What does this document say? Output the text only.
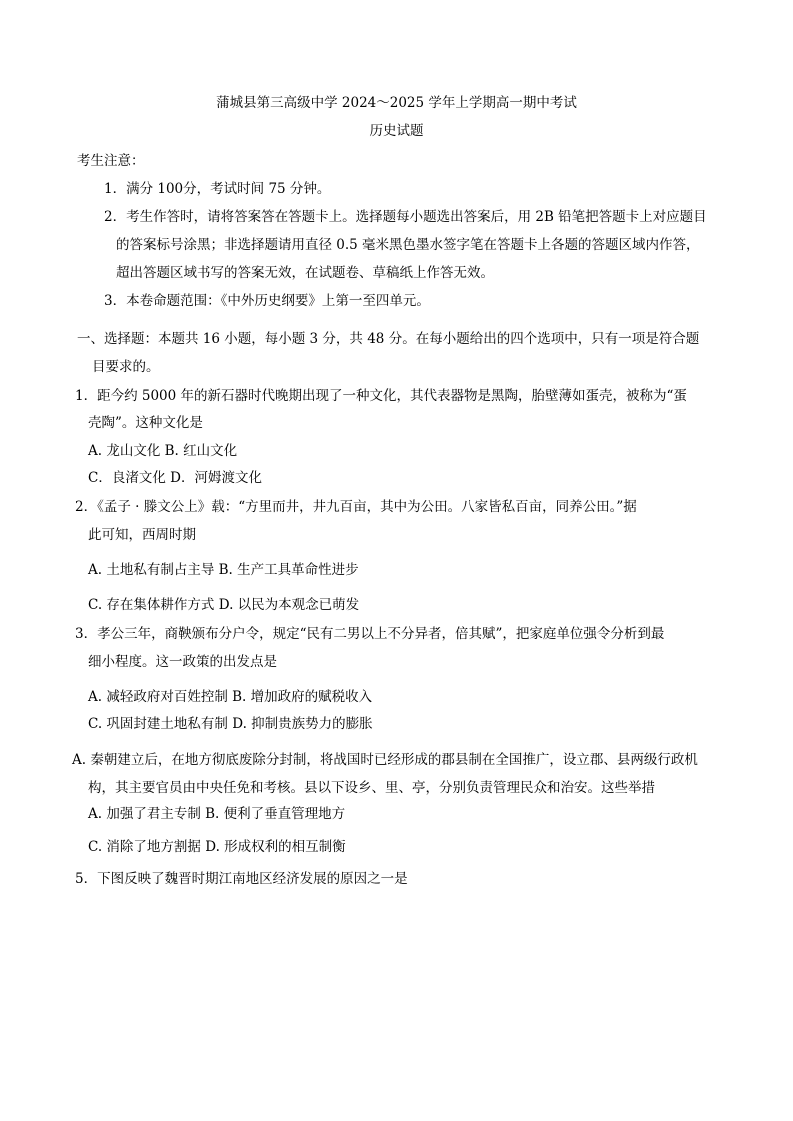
蒲城县第三高级中学 2024～2025 学年上学期高一期中考试
历史试题
考生注意：
1．满分 100分，考试时间 75 分钟。
2．考生作答时，请将答案答在答题卡上。选择题每小题选出答案后，用 2B 铅笔把答题卡上对应题目
的答案标号涂黑；非选择题请用直径 0.5 毫米黑色墨水签字笔在答题卡上各题的答题区域内作答，
超出答题区域书写的答案无效，在试题卷、草稿纸上作答无效。
3．本卷命题范围：《中外历史纲要》上第一至四单元。
一、选择题：本题共 16 小题，每小题 3 分，共 48 分。在每小题给出的四个选项中，只有一项是符合题
目要求的。
1．距今约 5000 年的新石器时代晚期出现了一种文化，其代表器物是黑陶，胎壁薄如蛋壳，被称为“蛋
壳陶”。这种文化是
A. 龙山文化 B. 红山文化
C．良渚文化 D．河姆渡文化
2．《孟子 · 滕文公上》载：“方里而井，井九百亩，其中为公田。八家皆私百亩，同养公田。”据
此可知，西周时期
A. 土地私有制占主导 B. 生产工具革命性进步
C. 存在集体耕作方式 D. 以民为本观念已萌发
3．孝公三年，商鞅颁布分户令，规定“民有二男以上不分异者，倍其赋”，把家庭单位强令分析到最
细小程度。这一政策的出发点是
A. 减轻政府对百姓控制 B. 增加政府的赋税收入
C. 巩固封建土地私有制 D. 抑制贵族势力的膨胀
A. 秦朝建立后，在地方彻底废除分封制，将战国时已经形成的郡县制在全国推广，设立郡、县两级行政机
构，其主要官员由中央任免和考核。县以下设乡、里、亭，分别负责管理民众和治安。这些举措
A. 加强了君主专制 B. 便利了垂直管理地方
C. 消除了地方割据 D. 形成权利的相互制衡
5．下图反映了魏晋时期江南地区经济发展的原因之一是
